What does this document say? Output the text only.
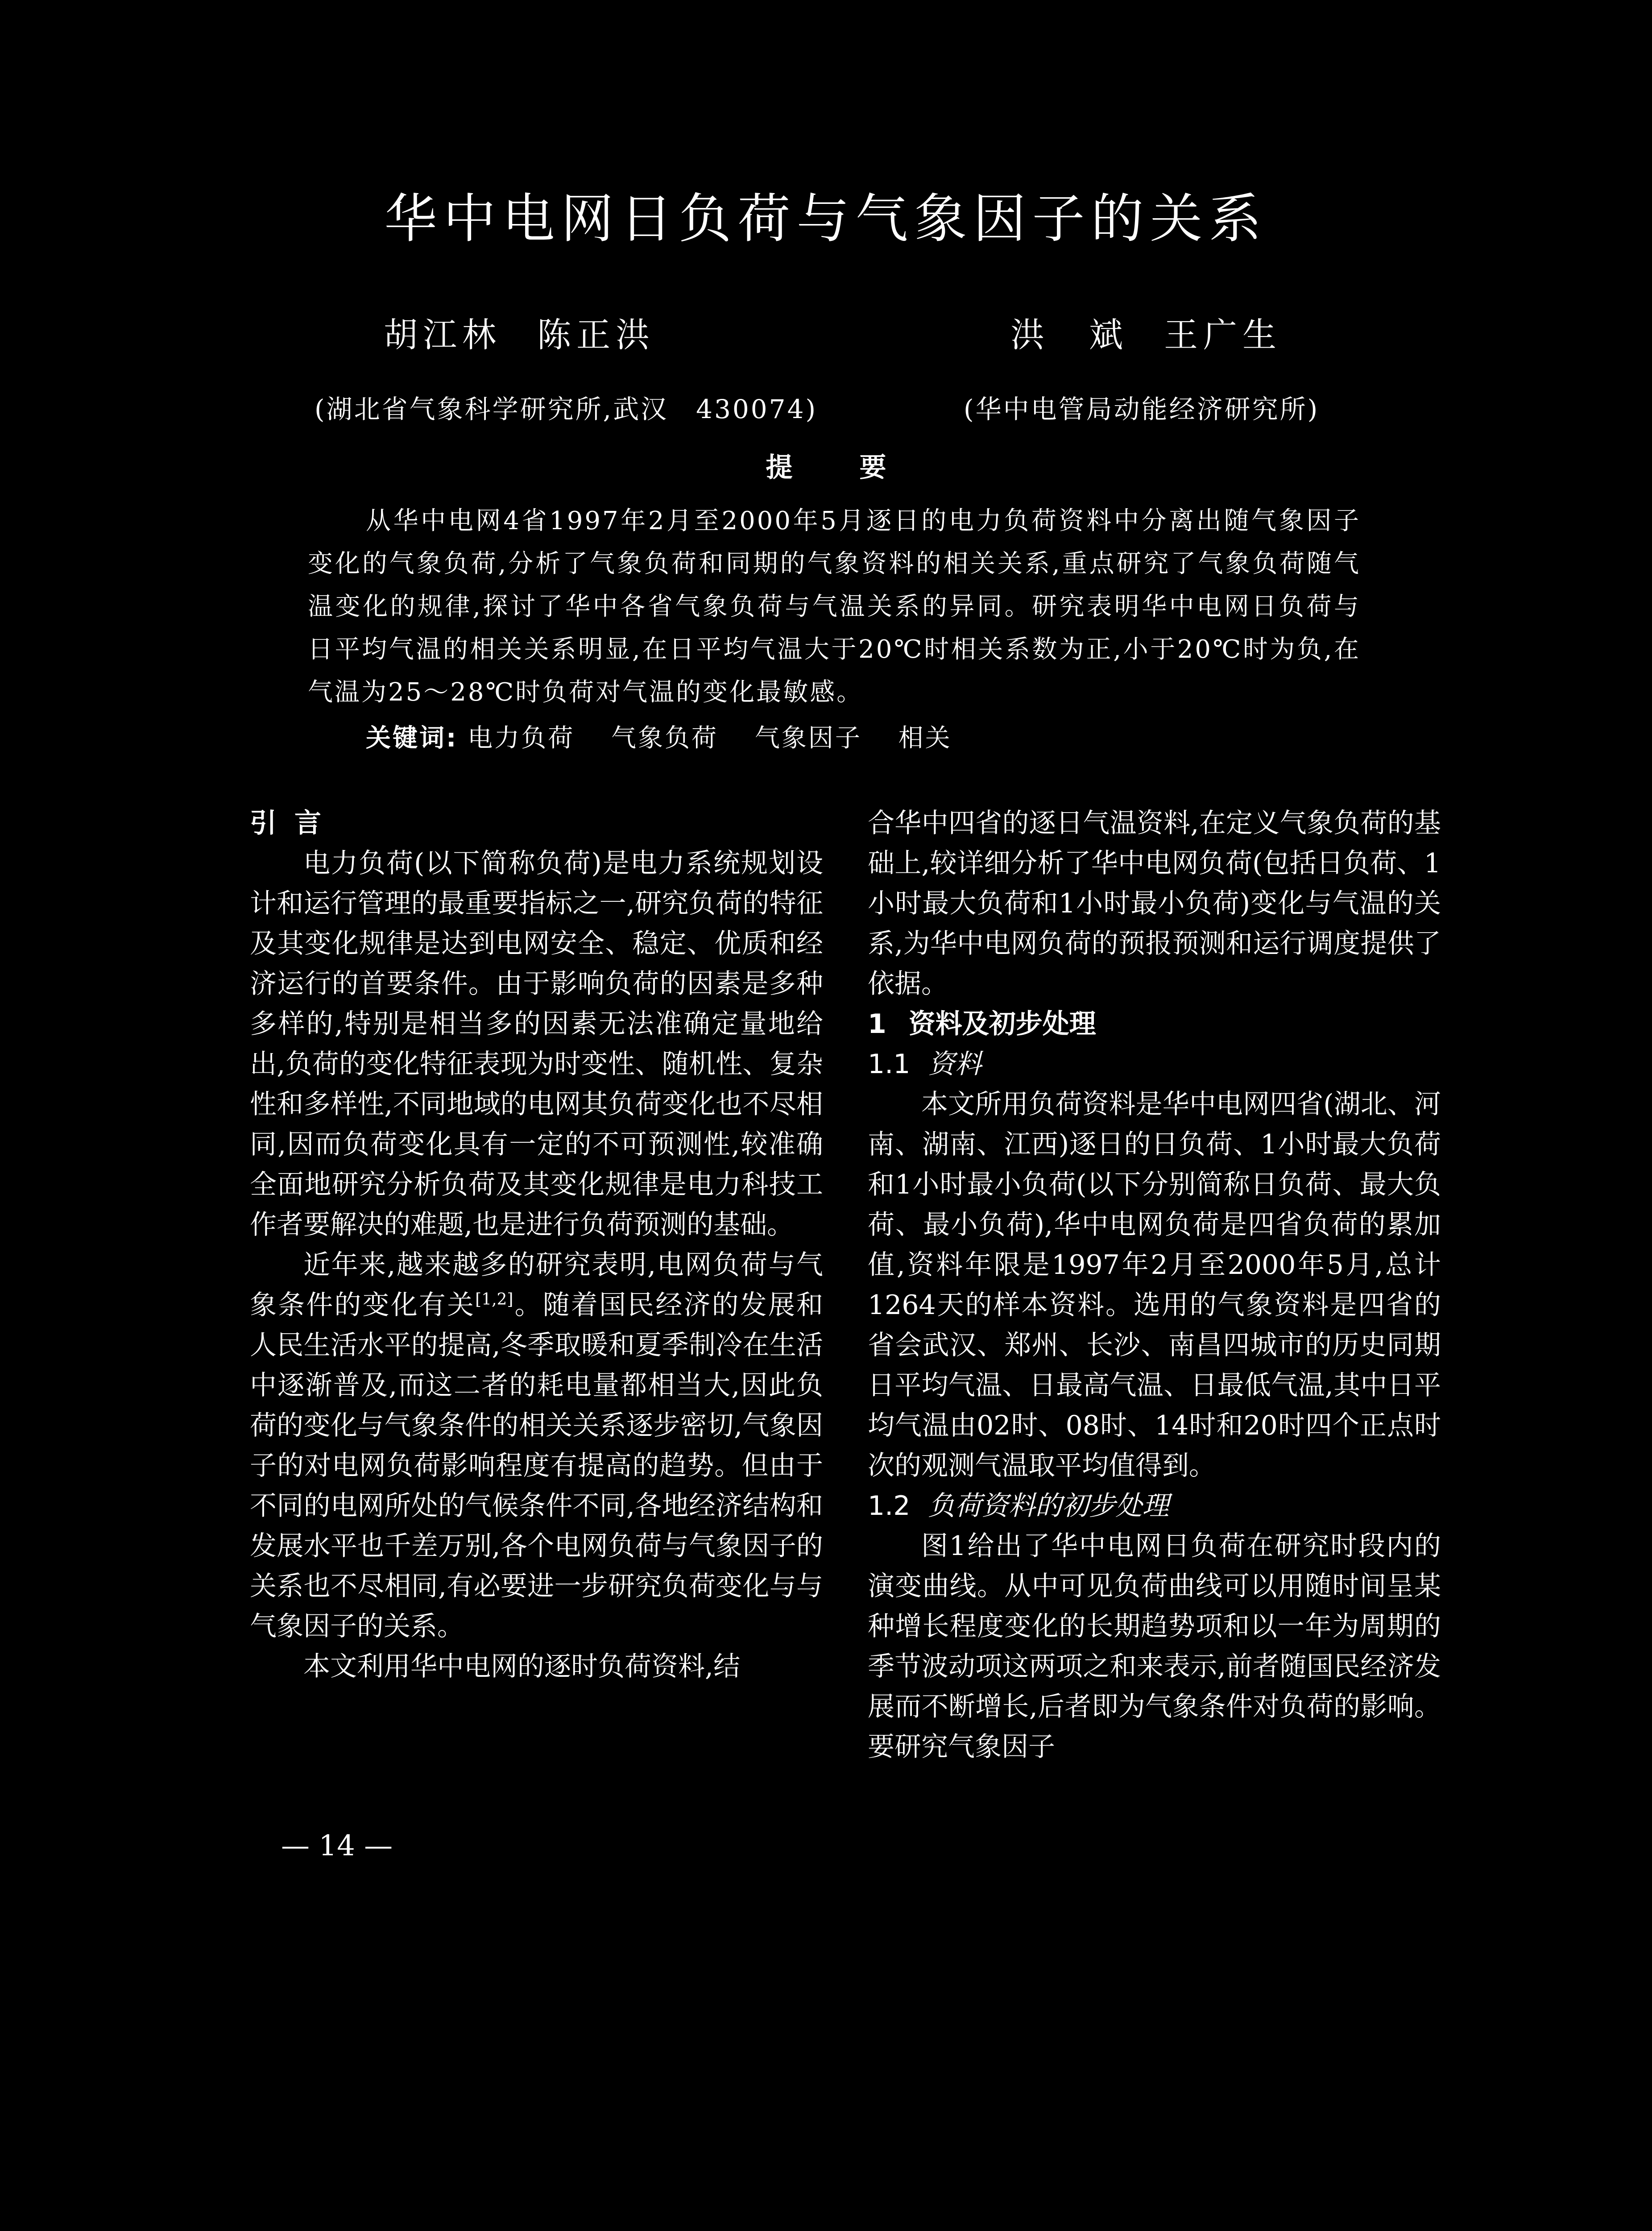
华中电网日负荷与气象因子的关系
胡江林 陈正洪	洪　斌 王广生
(湖北省气象科学研究所,武汉　430074)	(华中电管局动能经济研究所)
提要
从华中电网4省1997年2月至2000年5月逐日的电力负荷资料中分离出随气象因子变化的气象负荷,分析了气象负荷和同期的气象资料的相关关系,重点研究了气象负荷随气温变化的规律,探讨了华中各省气象负荷与气温关系的异同。研究表明华中电网日负荷与日平均气温的相关关系明显,在日平均气温大于20℃时相关系数为正,小于20℃时为负,在气温为25～28℃时负荷对气温的变化最敏感。
关键词: 电力负荷 气象负荷 气象因子 相关
引 言

电力负荷(以下简称负荷)是电力系统规划设计和运行管理的最重要指标之一,研究负荷的特征及其变化规律是达到电网安全、稳定、优质和经济运行的首要条件。由于影响负荷的因素是多种多样的,特别是相当多的因素无法准确定量地给出,负荷的变化特征表现为时变性、随机性、复杂性和多样性,不同地域的电网其负荷变化也不尽相同,因而负荷变化具有一定的不可预测性,较准确全面地研究分析负荷及其变化规律是电力科技工作者要解决的难题,也是进行负荷预测的基础。

近年来,越来越多的研究表明,电网负荷与气象条件的变化有关[1,2]。随着国民经济的发展和人民生活水平的提高,冬季取暖和夏季制冷在生活中逐渐普及,而这二者的耗电量都相当大,因此负荷的变化与气象条件的相关关系逐步密切,气象因子的对电网负荷影响程度有提高的趋势。但由于不同的电网所处的气候条件不同,各地经济结构和发展水平也千差万别,各个电网负荷与气象因子的关系也不尽相同,有必要进一步研究负荷变化与与气象因子的关系。

本文利用华中电网的逐时负荷资料,结

合华中四省的逐日气温资料,在定义气象负荷的基础上,较详细分析了华中电网负荷(包括日负荷、1小时最大负荷和1小时最小负荷)变化与气温的关系,为华中电网负荷的预报预测和运行调度提供了依据。

1 资料及初步处理
1.1 资料

本文所用负荷资料是华中电网四省(湖北、河南、湖南、江西)逐日的日负荷、1小时最大负荷和1小时最小负荷(以下分别简称日负荷、最大负荷、最小负荷),华中电网负荷是四省负荷的累加值,资料年限是1997年2月至2000年5月,总计1264天的样本资料。选用的气象资料是四省的省会武汉、郑州、长沙、南昌四城市的历史同期日平均气温、日最高气温、日最低气温,其中日平均气温由02时、08时、14时和20时四个正点时次的观测气温取平均值得到。

1.2 负荷资料的初步处理

图1给出了华中电网日负荷在研究时段内的演变曲线。从中可见负荷曲线可以用随时间呈某种增长程度变化的长期趋势项和以一年为周期的季节波动项这两项之和来表示,前者随国民经济发展而不断增长,后者即为气象条件对负荷的影响。要研究气象因子

— 14 —
